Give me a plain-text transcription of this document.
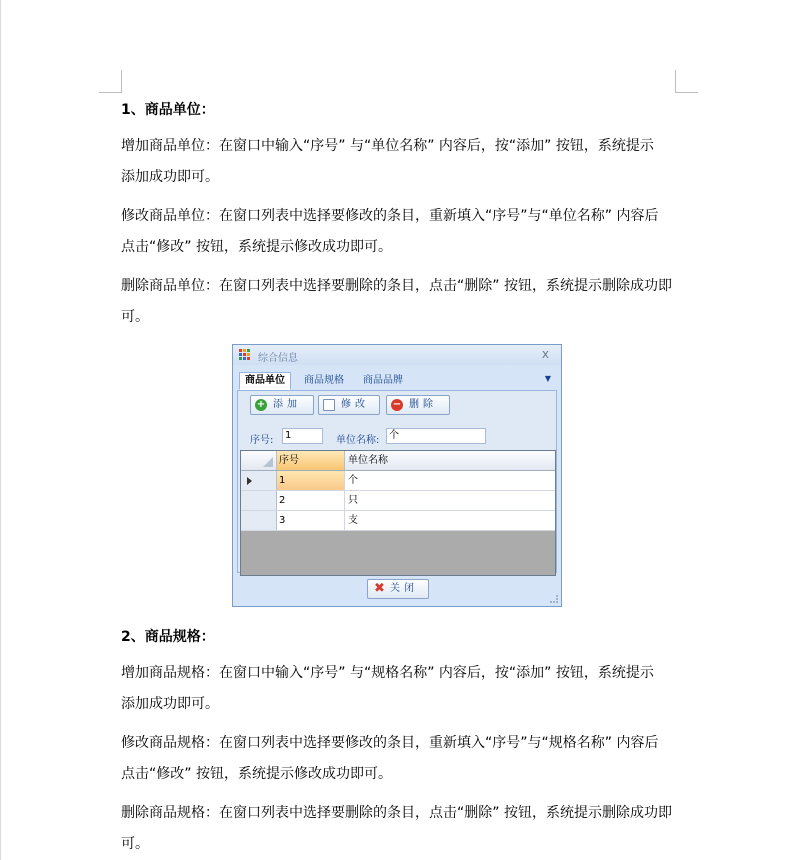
1、商品单位：
增加商品单位：在窗口中输入“序号” 与“单位名称” 内容后，按“添加” 按钮，系统提示
添加成功即可。
修改商品单位：在窗口列表中选择要修改的条目，重新填入“序号”与“单位名称” 内容后
点击“修改” 按钮，系统提示修改成功即可。
删除商品单位：在窗口列表中选择要删除的条目，点击“删除” 按钮，系统提示删除成功即
可。
综合信息	x
商品单位	商品规格 商品品牌	▼
+ 添加	修改 − 删除
序号:	1	单位名称: 个
序号	单位名称
1	个
2	只
3	支
✖ 关闭
2、商品规格：
增加商品规格：在窗口中输入“序号” 与“规格名称” 内容后，按“添加” 按钮，系统提示
添加成功即可。
修改商品规格：在窗口列表中选择要修改的条目，重新填入“序号”与“规格名称” 内容后
点击“修改” 按钮，系统提示修改成功即可。
删除商品规格：在窗口列表中选择要删除的条目，点击“删除” 按钮，系统提示删除成功即
可。
